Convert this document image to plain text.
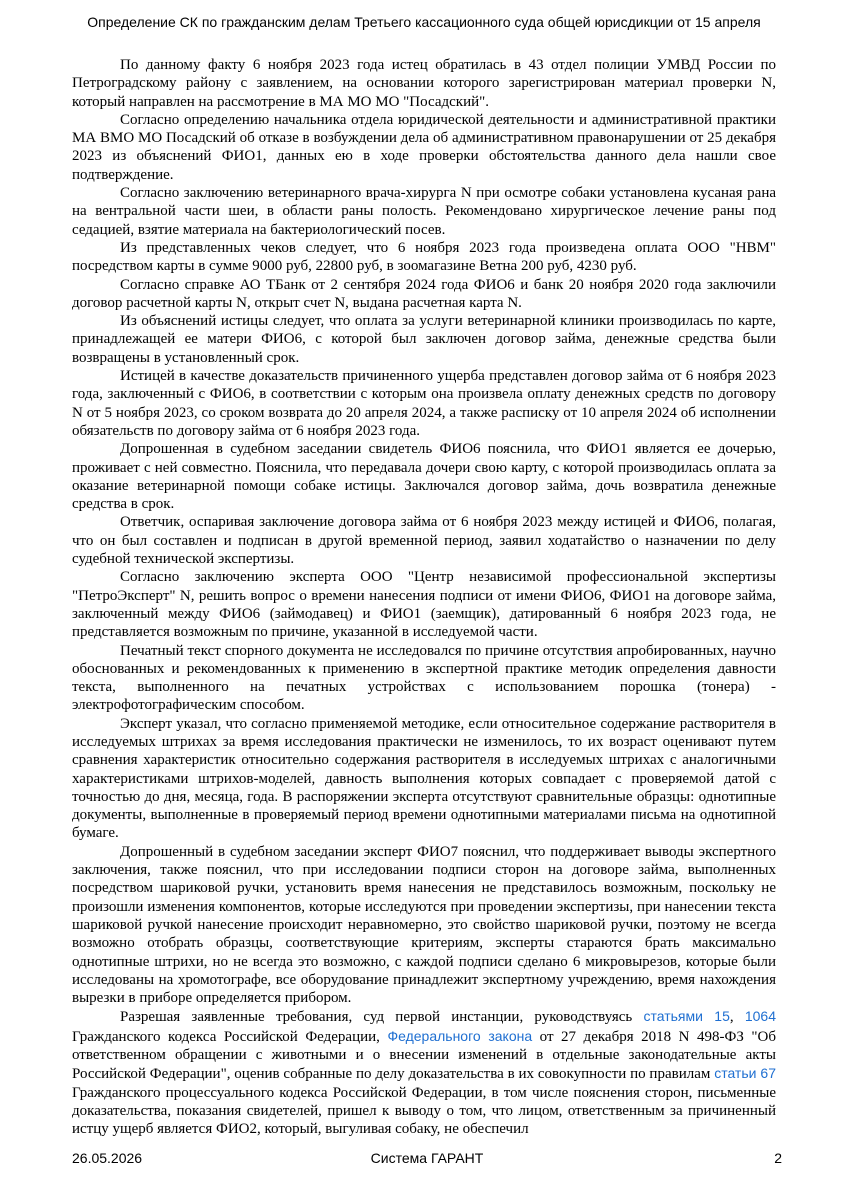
Определение СК по гражданским делам Третьего кассационного суда общей юрисдикции от 15 апреля

По данному факту 6 ноября 2023 года истец обратилась в 43 отдел полиции УМВД России по Петроградскому району с заявлением, на основании которого зарегистрирован материал проверки N, который направлен на рассмотрение в МА МО МО "Посадский".

Согласно определению начальника отдела юридической деятельности и административной практики МА ВМО МО Посадский об отказе в возбуждении дела об административном правонарушении от 25 декабря 2023 из объяснений ФИО1, данных ею в ходе проверки обстоятельства данного дела нашли свое подтверждение.

Согласно заключению ветеринарного врача-хирурга N при осмотре собаки установлена кусаная рана на вентральной части шеи, в области раны полость. Рекомендовано хирургическое лечение раны под седацией, взятие материала на бактериологический посев.

Из представленных чеков следует, что 6 ноября 2023 года произведена оплата ООО "НВМ" посредством карты в сумме 9000 руб, 22800 руб, в зоомагазине Ветна 200 руб, 4230 руб.

Согласно справке АО ТБанк от 2 сентября 2024 года ФИО6 и банк 20 ноября 2020 года заключили договор расчетной карты N, открыт счет N, выдана расчетная карта N.

Из объяснений истицы следует, что оплата за услуги ветеринарной клиники производилась по карте, принадлежащей ее матери ФИО6, с которой был заключен договор займа, денежные средства были возвращены в установленный срок.

Истицей в качестве доказательств причиненного ущерба представлен договор займа от 6 ноября 2023 года, заключенный с ФИО6, в соответствии с которым она произвела оплату денежных средств по договору N от 5 ноября 2023, со сроком возврата до 20 апреля 2024, а также расписку от 10 апреля 2024 об исполнении обязательств по договору займа от 6 ноября 2023 года.

Допрошенная в судебном заседании свидетель ФИО6 пояснила, что ФИО1 является ее дочерью, проживает с ней совместно. Пояснила, что передавала дочери свою карту, с которой производилась оплата за оказание ветеринарной помощи собаке истицы. Заключался договор займа, дочь возвратила денежные средства в срок.

Ответчик, оспаривая заключение договора займа от 6 ноября 2023 между истицей и ФИО6, полагая, что он был составлен и подписан в другой временной период, заявил ходатайство о назначении по делу судебной технической экспертизы.

Согласно заключению эксперта ООО "Центр независимой профессиональной экспертизы "ПетроЭксперт" N, решить вопрос о времени нанесения подписи от имени ФИО6, ФИО1 на договоре займа, заключенный между ФИО6 (займодавец) и ФИО1 (заемщик), датированный 6 ноября 2023 года, не представляется возможным по причине, указанной в исследуемой части.

Печатный текст спорного документа не исследовался по причине отсутствия апробированных, научно обоснованных и рекомендованных к применению в экспертной практике методик определения давности текста, выполненного на печатных устройствах с использованием порошка (тонера) - электрофотографическим способом.

Эксперт указал, что согласно применяемой методике, если относительное содержание растворителя в исследуемых штрихах за время исследования практически не изменилось, то их возраст оценивают путем сравнения характеристик относительно содержания растворителя в исследуемых штрихах с аналогичными характеристиками штрихов-моделей, давность выполнения которых совпадает с проверяемой датой с точностью до дня, месяца, года. В распоряжении эксперта отсутствуют сравнительные образцы: однотипные документы, выполненные в проверяемый период времени однотипными материалами письма на однотипной бумаге.

Допрошенный в судебном заседании эксперт ФИО7 пояснил, что поддерживает выводы экспертного заключения, также пояснил, что при исследовании подписи сторон на договоре займа, выполненных посредством шариковой ручки, установить время нанесения не представилось возможным, поскольку не произошли изменения компонентов, которые исследуются при проведении экспертизы, при нанесении текста шариковой ручкой нанесение происходит неравномерно, это свойство шариковой ручки, поэтому не всегда возможно отобрать образцы, соответствующие критериям, эксперты стараются брать максимально однотипные штрихи, но не всегда это возможно, с каждой подписи сделано 6 микровырезов, которые были исследованы на хромотографе, все оборудование принадлежит экспертному учреждению, время нахождения вырезки в приборе определяется прибором.

Разрешая заявленные требования, суд первой инстанции, руководствуясь статьями 15, 1064 Гражданского кодекса Российской Федерации, Федерального закона от 27 декабря 2018 N 498-ФЗ "Об ответственном обращении с животными и о внесении изменений в отдельные законодательные акты Российской Федерации", оценив собранные по делу доказательства в их совокупности по правилам статьи 67 Гражданского процессуального кодекса Российской Федерации, в том числе пояснения сторон, письменные доказательства, показания свидетелей, пришел к выводу о том, что лицом, ответственным за причиненный истцу ущерб является ФИО2, который, выгуливая собаку, не обеспечил

26.05.2026	Система ГАРАНТ	2
